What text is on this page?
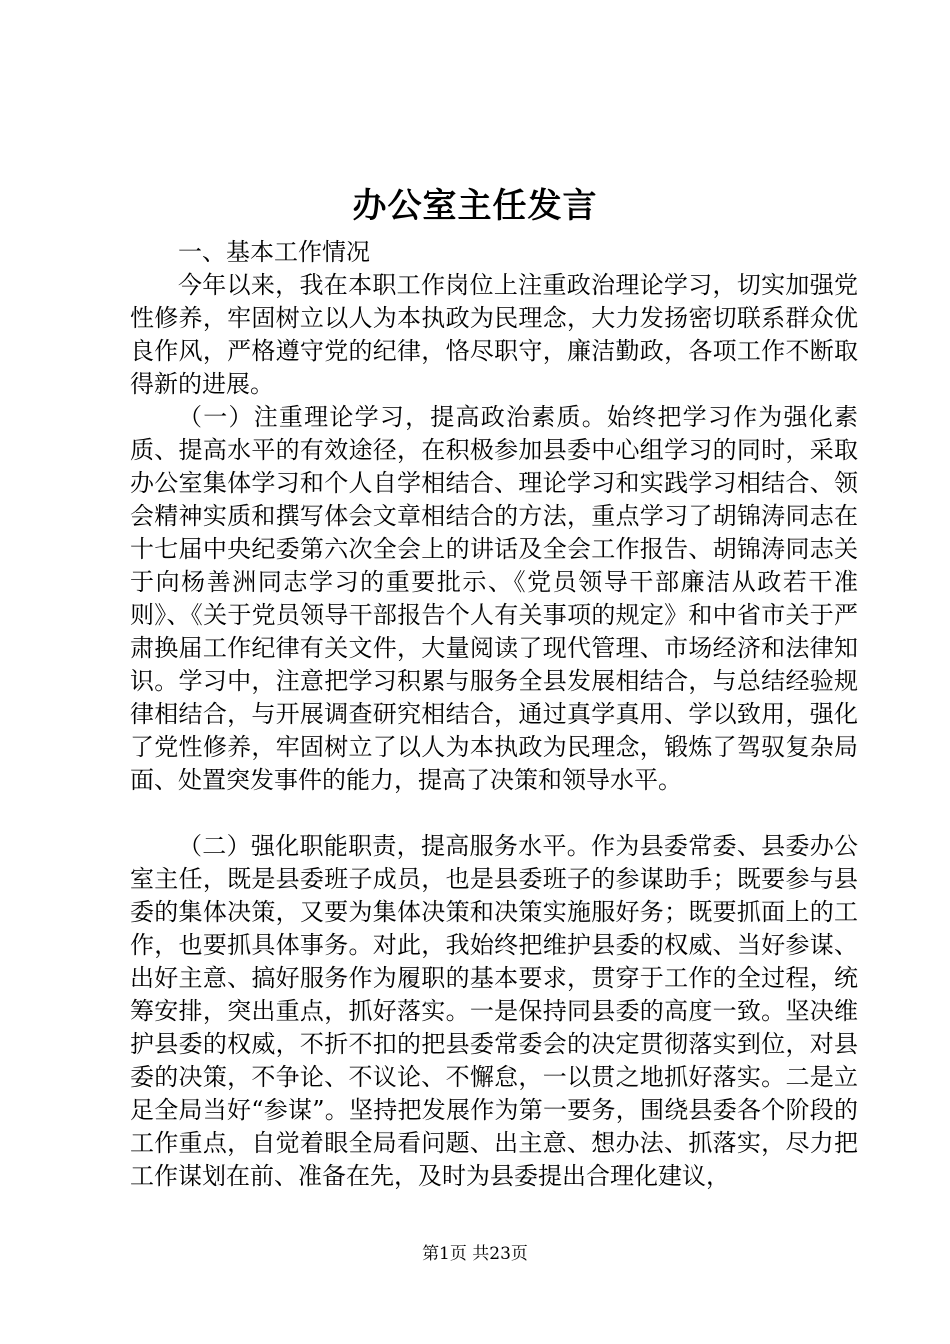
办公室主任发言

一、基本工作情况

今年以来，我在本职工作岗位上注重政治理论学习，切实加强党性修养，牢固树立以人为本执政为民理念，大力发扬密切联系群众优良作风，严格遵守党的纪律，恪尽职守，廉洁勤政，各项工作不断取得新的进展。

（一）注重理论学习，提高政治素质。始终把学习作为强化素质、提高水平的有效途径，在积极参加县委中心组学习的同时，采取办公室集体学习和个人自学相结合、理论学习和实践学习相结合、领会精神实质和撰写体会文章相结合的方法，重点学习了胡锦涛同志在十七届中央纪委第六次全会上的讲话及全会工作报告、胡锦涛同志关于向杨善洲同志学习的重要批示、《党员领导干部廉洁从政若干准则》、《关于党员领导干部报告个人有关事项的规定》和中省市关于严肃换届工作纪律有关文件，大量阅读了现代管理、市场经济和法律知识。学习中，注意把学习积累与服务全县发展相结合，与总结经验规律相结合，与开展调查研究相结合，通过真学真用、学以致用，强化了党性修养，牢固树立了以人为本执政为民理念，锻炼了驾驭复杂局面、处置突发事件的能力，提高了决策和领导水平。

（二）强化职能职责，提高服务水平。作为县委常委、县委办公室主任，既是县委班子成员，也是县委班子的参谋助手；既要参与县委的集体决策，又要为集体决策和决策实施服好务；既要抓面上的工作，也要抓具体事务。对此，我始终把维护县委的权威、当好参谋、出好主意、搞好服务作为履职的基本要求，贯穿于工作的全过程，统筹安排，突出重点，抓好落实。一是保持同县委的高度一致。坚决维护县委的权威，不折不扣的把县委常委会的决定贯彻落实到位，对县委的决策，不争论、不议论、不懈怠，一以贯之地抓好落实。二是立足全局当好“参谋”。坚持把发展作为第一要务，围绕县委各个阶段的工作重点，自觉着眼全局看问题、出主意、想办法、抓落实，尽力把工作谋划在前、准备在先，及时为县委提出合理化建议，

第1页 共23页
